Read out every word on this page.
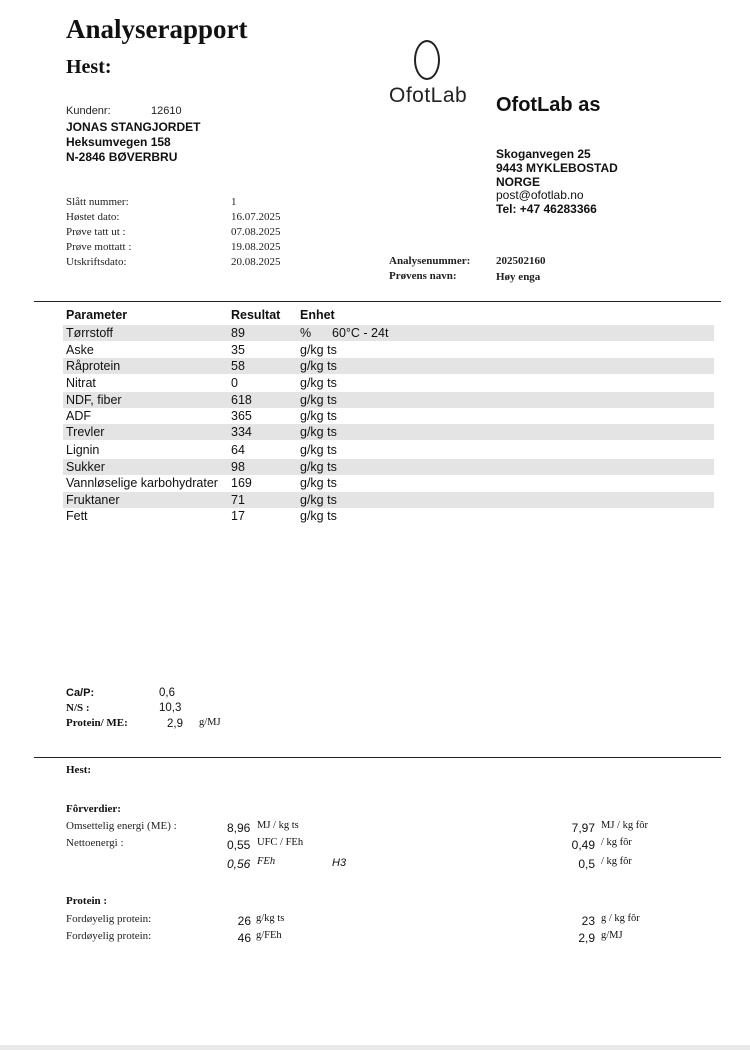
Analyserapport
Hest:
OfotLab OfotLab as
Skoganvegen 25
9443 MYKLEBOSTAD
NORGE
post@ofotlab.no
Tel: +47 46283366
Kundenr:	12610
JONAS STANGJORDET
Heksumvegen 158
N-2846 BØVERBRU
Slått nummer:	1
Høstet dato:	16.07.2025
Prøve tatt ut :	07.08.2025
Prøve mottatt :	19.08.2025
Utskriftsdato:	20.08.2025	Analysenummer: 202502160
Prøvens navn:	Høy enga
Parameter	Resultat Enhet
Tørrstoff	89	% 60°C - 24t
Aske	35	g/kg ts
Råprotein	58	g/kg ts
Nitrat	0	g/kg ts
NDF, fiber	618	g/kg ts
ADF	365	g/kg ts
Trevler	334	g/kg ts
Lignin	64	g/kg ts
Sukker	98	g/kg ts
Vannløselige karbohydrater 169	g/kg ts
Fruktaner	71	g/kg ts
Fett	17	g/kg ts
Ca/P:	0,6
N/S :	10,3
Protein/ ME:	2,9 g/MJ
Hest:
Fôrverdier:
Omsettelig energi (ME) :	8,96 MJ / kg ts	7,97 MJ / kg fôr
Nettoenergi :	0,55 UFC / FEh	0,49 / kg fôr
0,56 FEh	H3	0,5 / kg fôr
Protein :
Fordøyelig protein:	26 g/kg ts	23 g / kg fôr
Fordøyelig protein:	46 g/FEh	2,9 g/MJ
